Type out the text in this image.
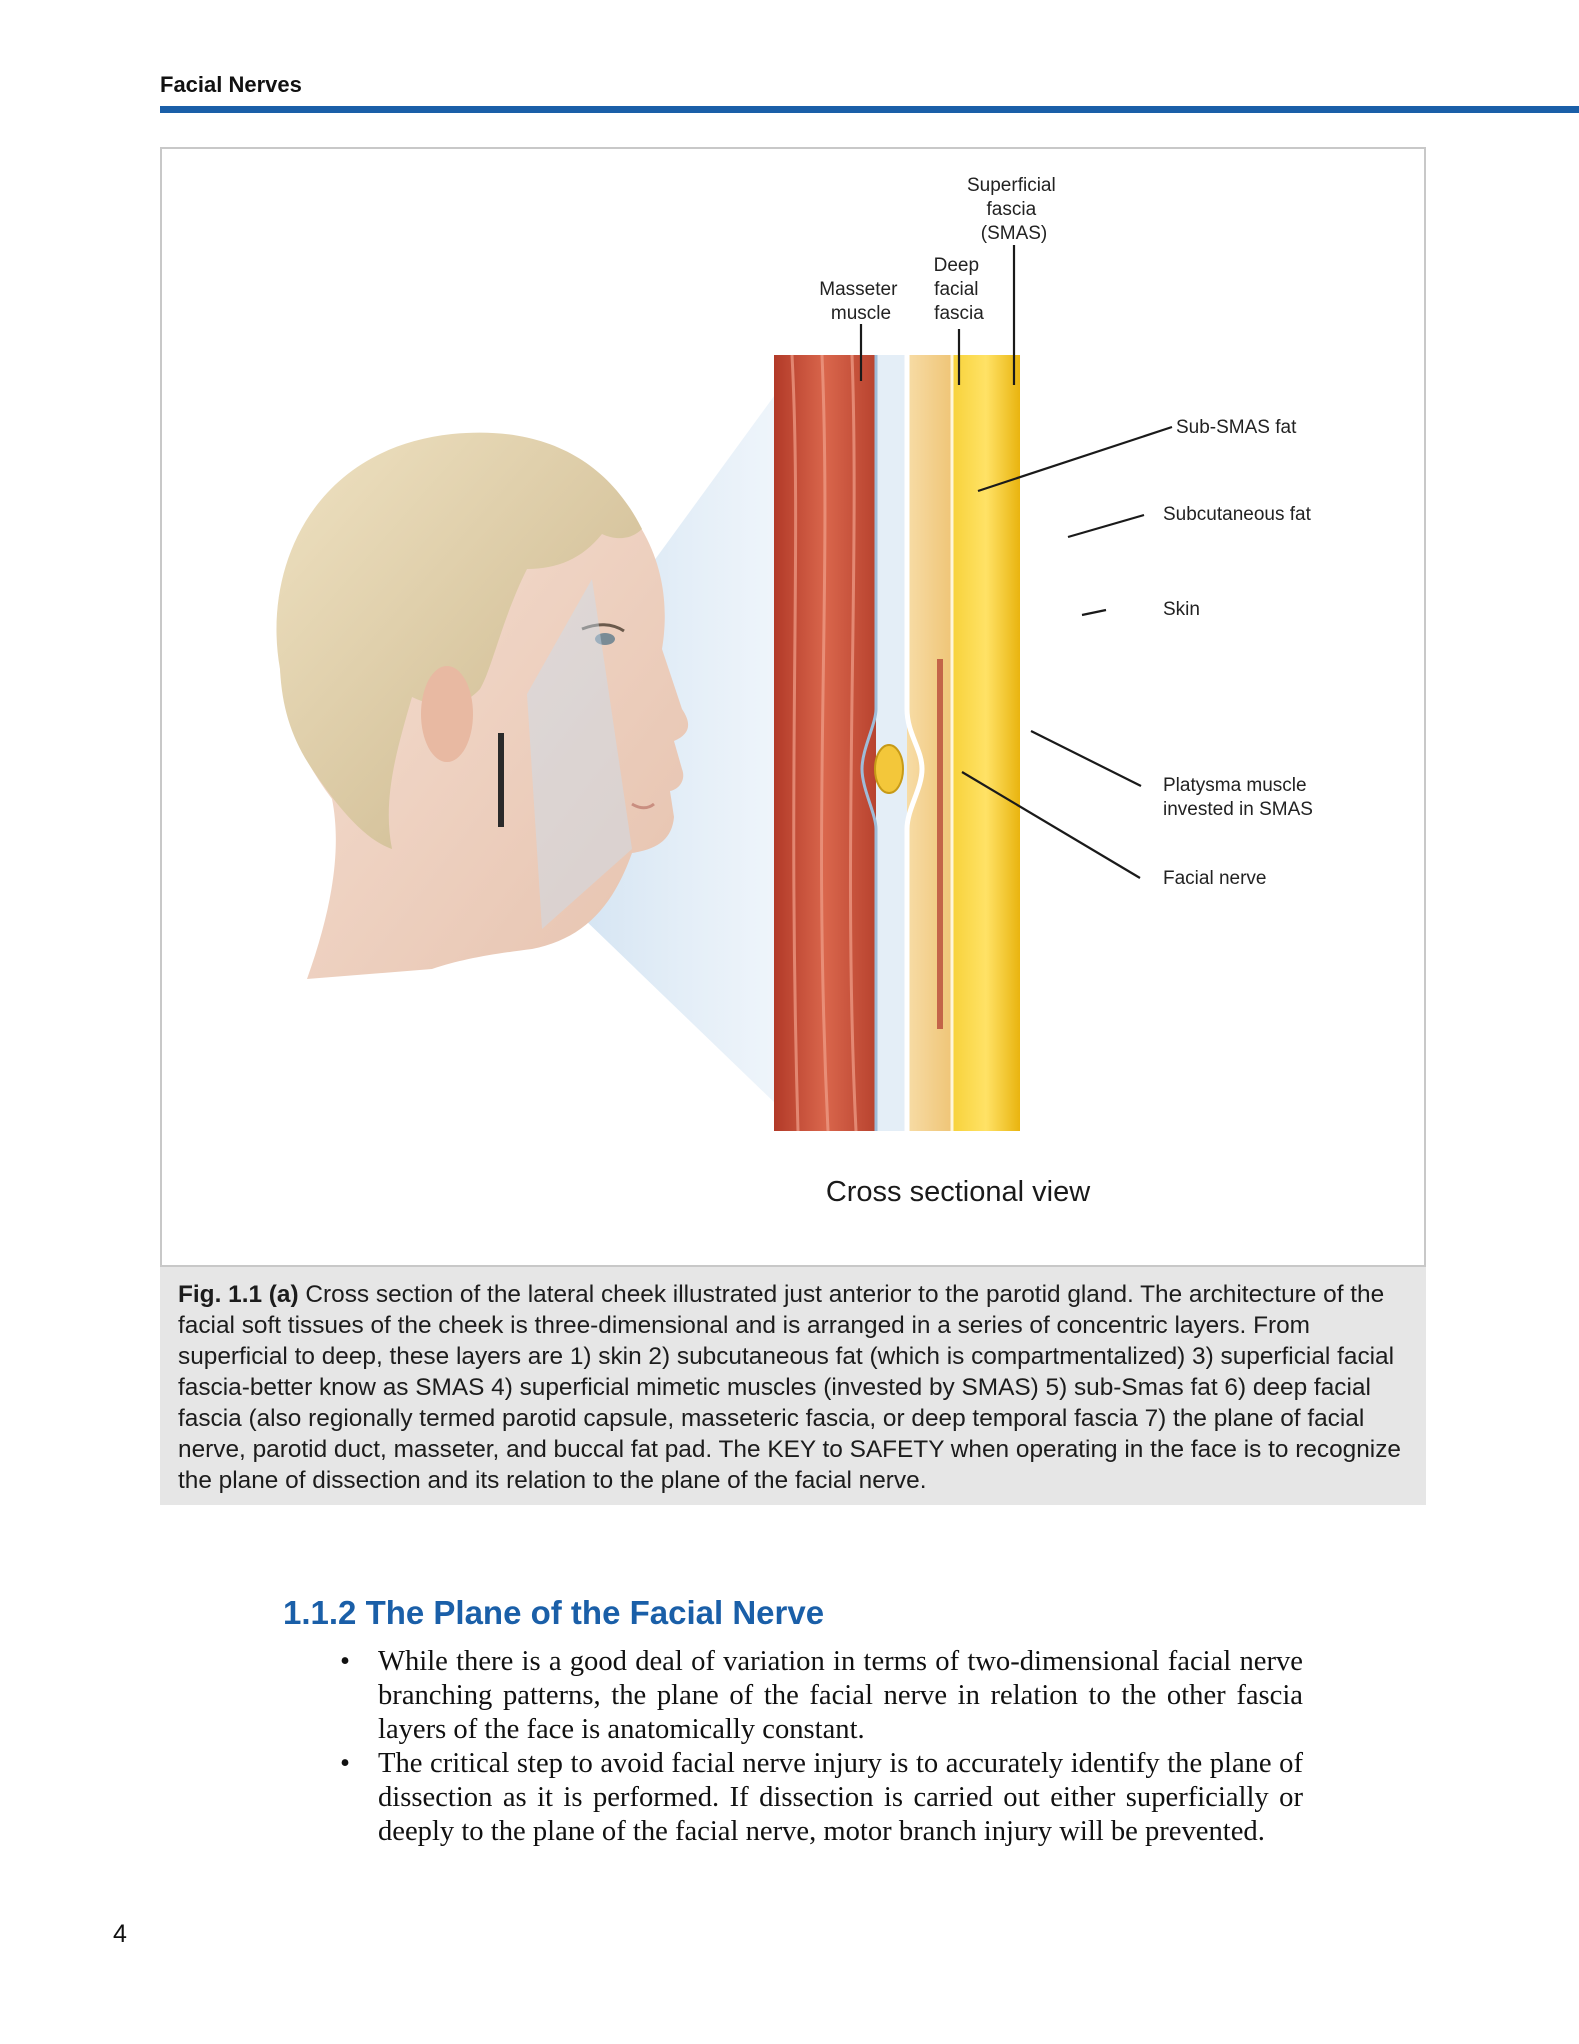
Facial Nerves
Superficial fascia (SMAS)
Deep facial fascia
Masseter muscle
Sub-SMAS fat
Subcutaneous fat
Skin
Platysma muscle invested in SMAS
Facial nerve
Cross sectional view
Fig. 1.1 (a) Cross section of the lateral cheek illustrated just anterior to the parotid gland. The architecture of the facial soft tissues of the cheek is three-dimensional and is arranged in a series of concentric layers. From superficial to deep, these layers are 1) skin 2) subcutaneous fat (which is compartmentalized) 3) superficial facial fascia-better know as SMAS 4) superficial mimetic muscles (invested by SMAS) 5) sub-Smas fat 6) deep facial fascia (also regionally termed parotid capsule, masseteric fascia, or deep temporal fascia 7) the plane of facial nerve, parotid duct, masseter, and buccal fat pad. The KEY to SAFETY when operating in the face is to recognize the plane of dissection and its relation to the plane of the facial nerve.
1.1.2 The Plane of the Facial Nerve
• While there is a good deal of variation in terms of two-dimensional facial nerve branching patterns, the plane of the facial nerve in relation to the other fascia layers of the face is anatomically constant.
• The critical step to avoid facial nerve injury is to accurately identify the plane of dissection as it is performed. If dissection is carried out either superficially or deeply to the plane of the facial nerve, motor branch injury will be prevented.
4
